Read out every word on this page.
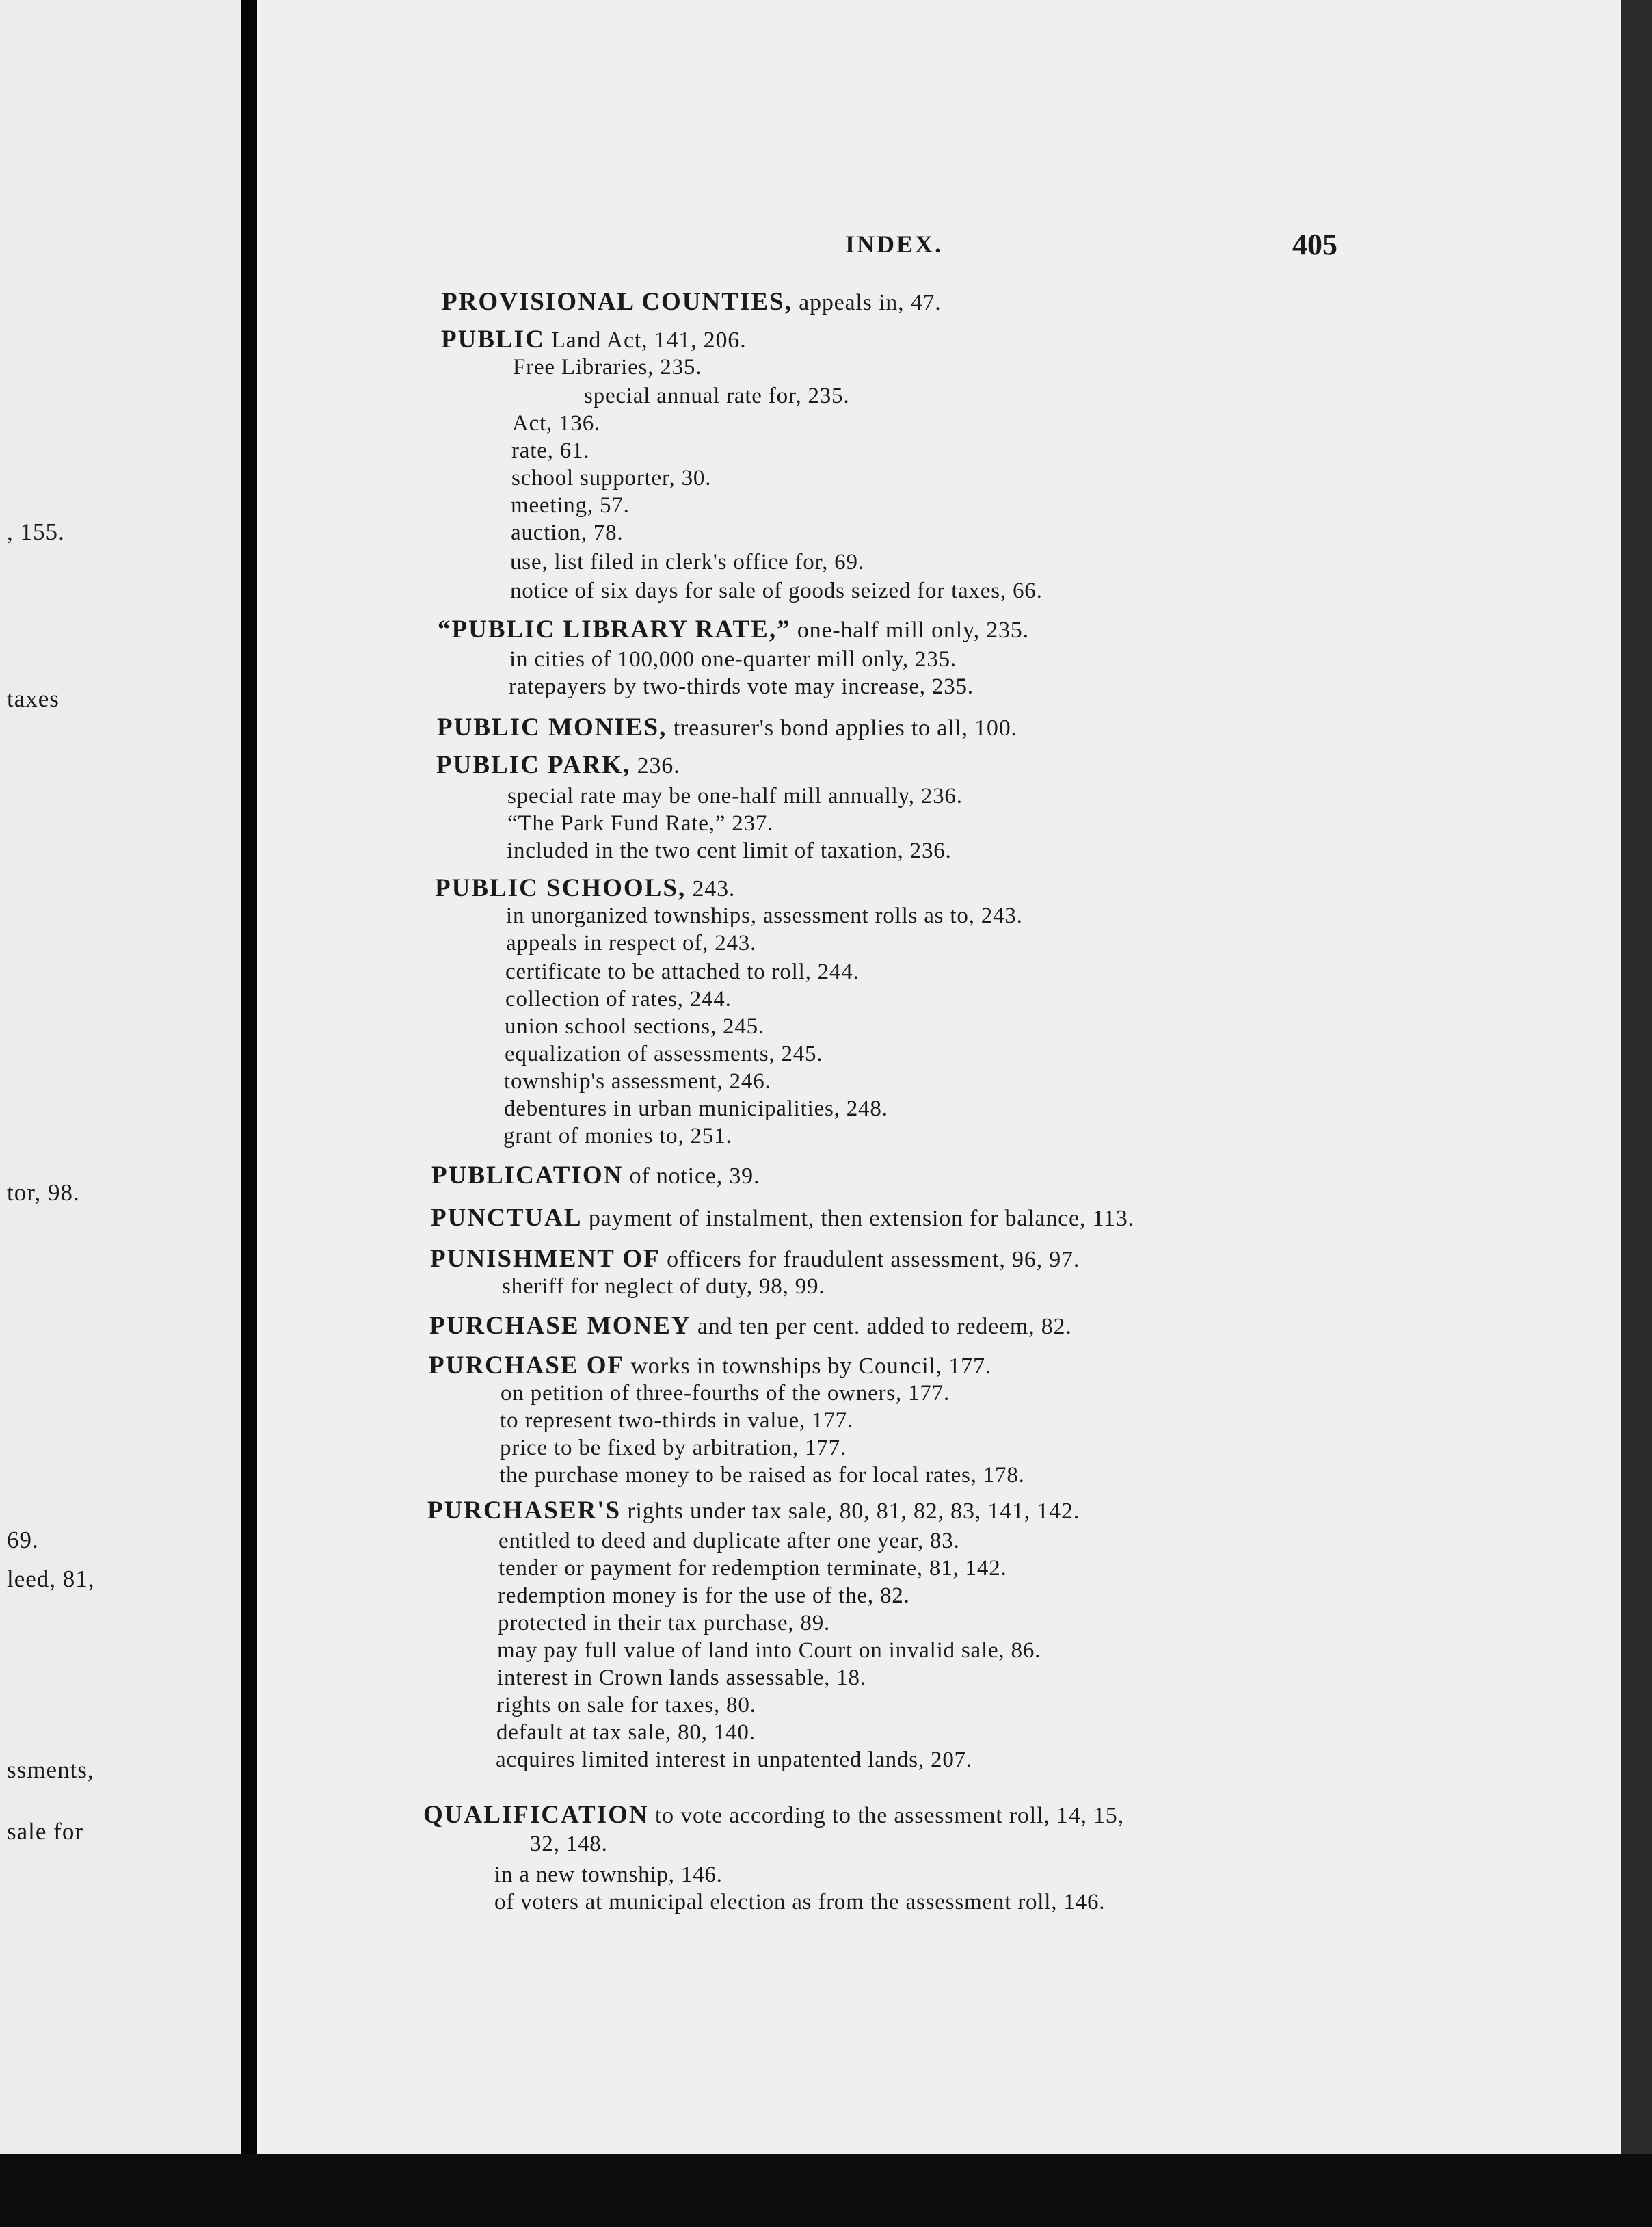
, 155.
taxes
tor, 98.
69.
leed, 81,
ssments,
sale for
INDEX.	405
PROVISIONAL COUNTIES, appeals in, 47.
PUBLIC Land Act, 141, 206.
Free Libraries, 235.
special annual rate for, 235.
Act, 136.
rate, 61.
school supporter, 30.
meeting, 57.
auction, 78.
use, list filed in clerk's office for, 69.
notice of six days for sale of goods seized for taxes, 66.
“PUBLIC LIBRARY RATE,” one-half mill only, 235.
in cities of 100,000 one-quarter mill only, 235.
ratepayers by two-thirds vote may increase, 235.
PUBLIC MONIES, treasurer's bond applies to all, 100.
PUBLIC PARK, 236.
special rate may be one-half mill annually, 236.
“The Park Fund Rate,” 237.
included in the two cent limit of taxation, 236.
PUBLIC SCHOOLS, 243.
in unorganized townships, assessment rolls as to, 243.
appeals in respect of, 243.
certificate to be attached to roll, 244.
collection of rates, 244.
union school sections, 245.
equalization of assessments, 245.
township's assessment, 246.
debentures in urban municipalities, 248.
grant of monies to, 251.
PUBLICATION of notice, 39.
PUNCTUAL payment of instalment, then extension for balance, 113.
PUNISHMENT OF officers for fraudulent assessment, 96, 97.
sheriff for neglect of duty, 98, 99.
PURCHASE MONEY and ten per cent. added to redeem, 82.
PURCHASE OF works in townships by Council, 177.
on petition of three-fourths of the owners, 177.
to represent two-thirds in value, 177.
price to be fixed by arbitration, 177.
the purchase money to be raised as for local rates, 178.
PURCHASER'S rights under tax sale, 80, 81, 82, 83, 141, 142.
entitled to deed and duplicate after one year, 83.
tender or payment for redemption terminate, 81, 142.
redemption money is for the use of the, 82.
protected in their tax purchase, 89.
may pay full value of land into Court on invalid sale, 86.
interest in Crown lands assessable, 18.
rights on sale for taxes, 80.
default at tax sale, 80, 140.
acquires limited interest in unpatented lands, 207.
QUALIFICATION to vote according to the assessment roll, 14, 15,
32, 148.
in a new township, 146.
of voters at municipal election as from the assessment roll, 146.
